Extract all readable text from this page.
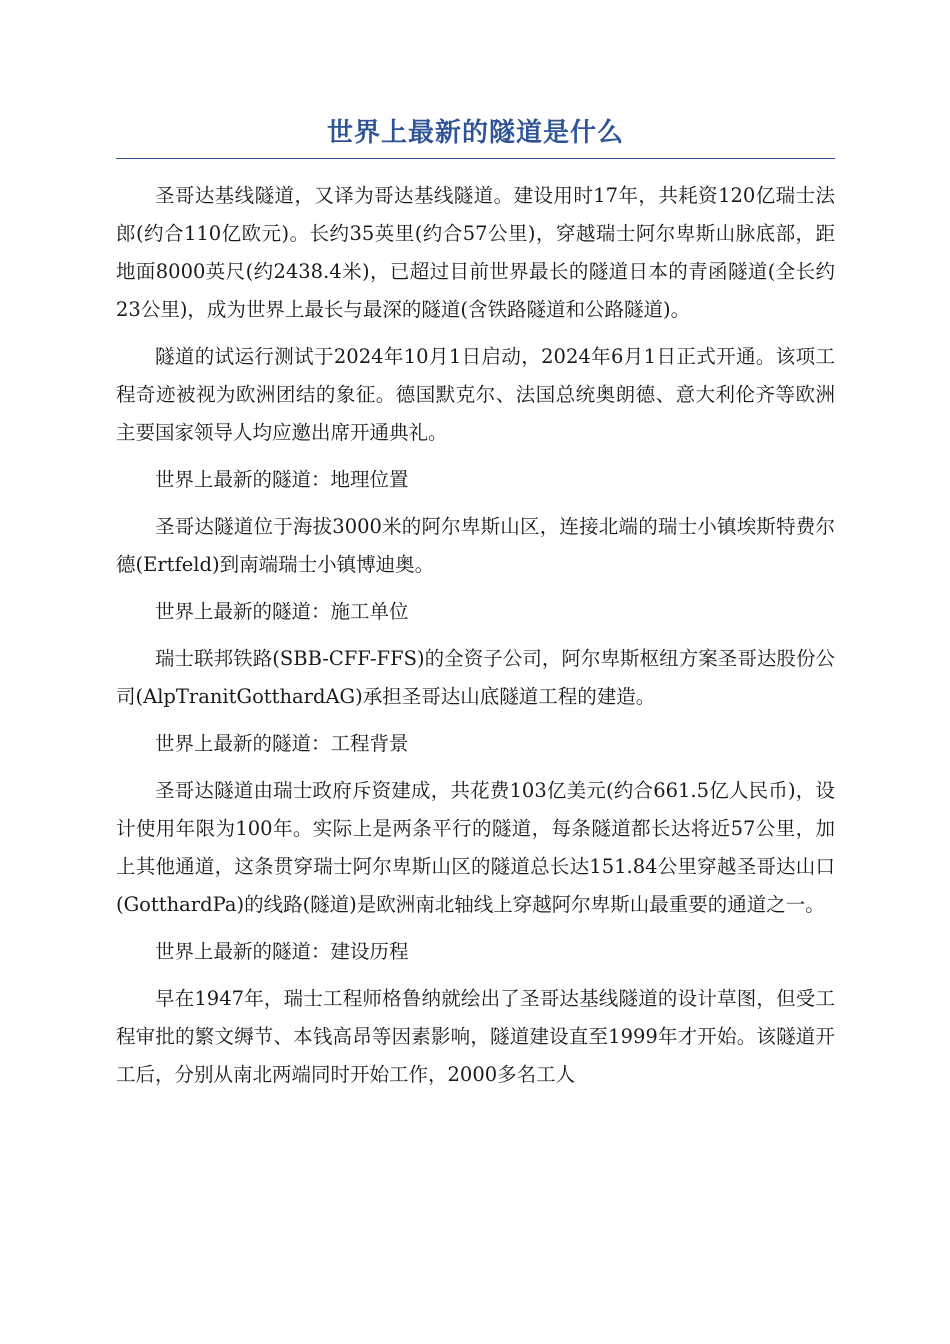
世界上最新的隧道是什么

圣哥达基线隧道，又译为哥达基线隧道。建设用时17年，共耗资120亿瑞士法郎(约合110亿欧元)。长约35英里(约合57公里)，穿越瑞士阿尔卑斯山脉底部，距地面8000英尺(约2438.4米)，已超过目前世界最长的隧道日本的青函隧道(全长约23公里)，成为世界上最长与最深的隧道(含铁路隧道和公路隧道)。

隧道的试运行测试于2024年10月1日启动，2024年6月1日正式开通。该项工程奇迹被视为欧洲团结的象征。德国默克尔、法国总统奥朗德、意大利伦齐等欧洲主要国家领导人均应邀出席开通典礼。

世界上最新的隧道：地理位置

圣哥达隧道位于海拔3000米的阿尔卑斯山区，连接北端的瑞士小镇埃斯特费尔德(Ertfeld)到南端瑞士小镇博迪奥。

世界上最新的隧道：施工单位

瑞士联邦铁路(SBB-CFF-FFS)的全资子公司，阿尔卑斯枢纽方案圣哥达股份公司(AlpTranitGotthardAG)承担圣哥达山底隧道工程的建造。

世界上最新的隧道：工程背景

圣哥达隧道由瑞士政府斥资建成，共花费103亿美元(约合661.5亿人民币)，设计使用年限为100年。实际上是两条平行的隧道，每条隧道都长达将近57公里，加上其他通道，这条贯穿瑞士阿尔卑斯山区的隧道总长达151.84公里穿越圣哥达山口(GotthardPa)的线路(隧道)是欧洲南北轴线上穿越阿尔卑斯山最重要的通道之一。

世界上最新的隧道：建设历程

早在1947年，瑞士工程师格鲁纳就绘出了圣哥达基线隧道的设计草图，但受工程审批的繁文缛节、本钱高昂等因素影响，隧道建设直至1999年才开始。该隧道开工后，分别从南北两端同时开始工作，2000多名工人
